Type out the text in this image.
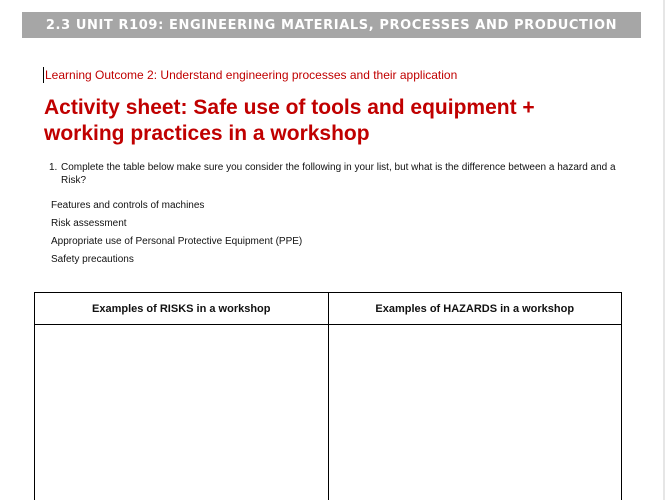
2.3 UNIT R109: ENGINEERING MATERIALS, PROCESSES AND PRODUCTION
Learning Outcome 2: Understand engineering processes and their application
Activity sheet: Safe use of tools and equipment +
working practices in a workshop
1. Complete the table below make sure you consider the following in your list, but what is the difference between a hazard and a Risk?
Features and controls of machines
Risk assessment
Appropriate use of Personal Protective Equipment (PPE)
Safety precautions
Examples of RISKS in a workshop	Examples of HAZARDS in a workshop
